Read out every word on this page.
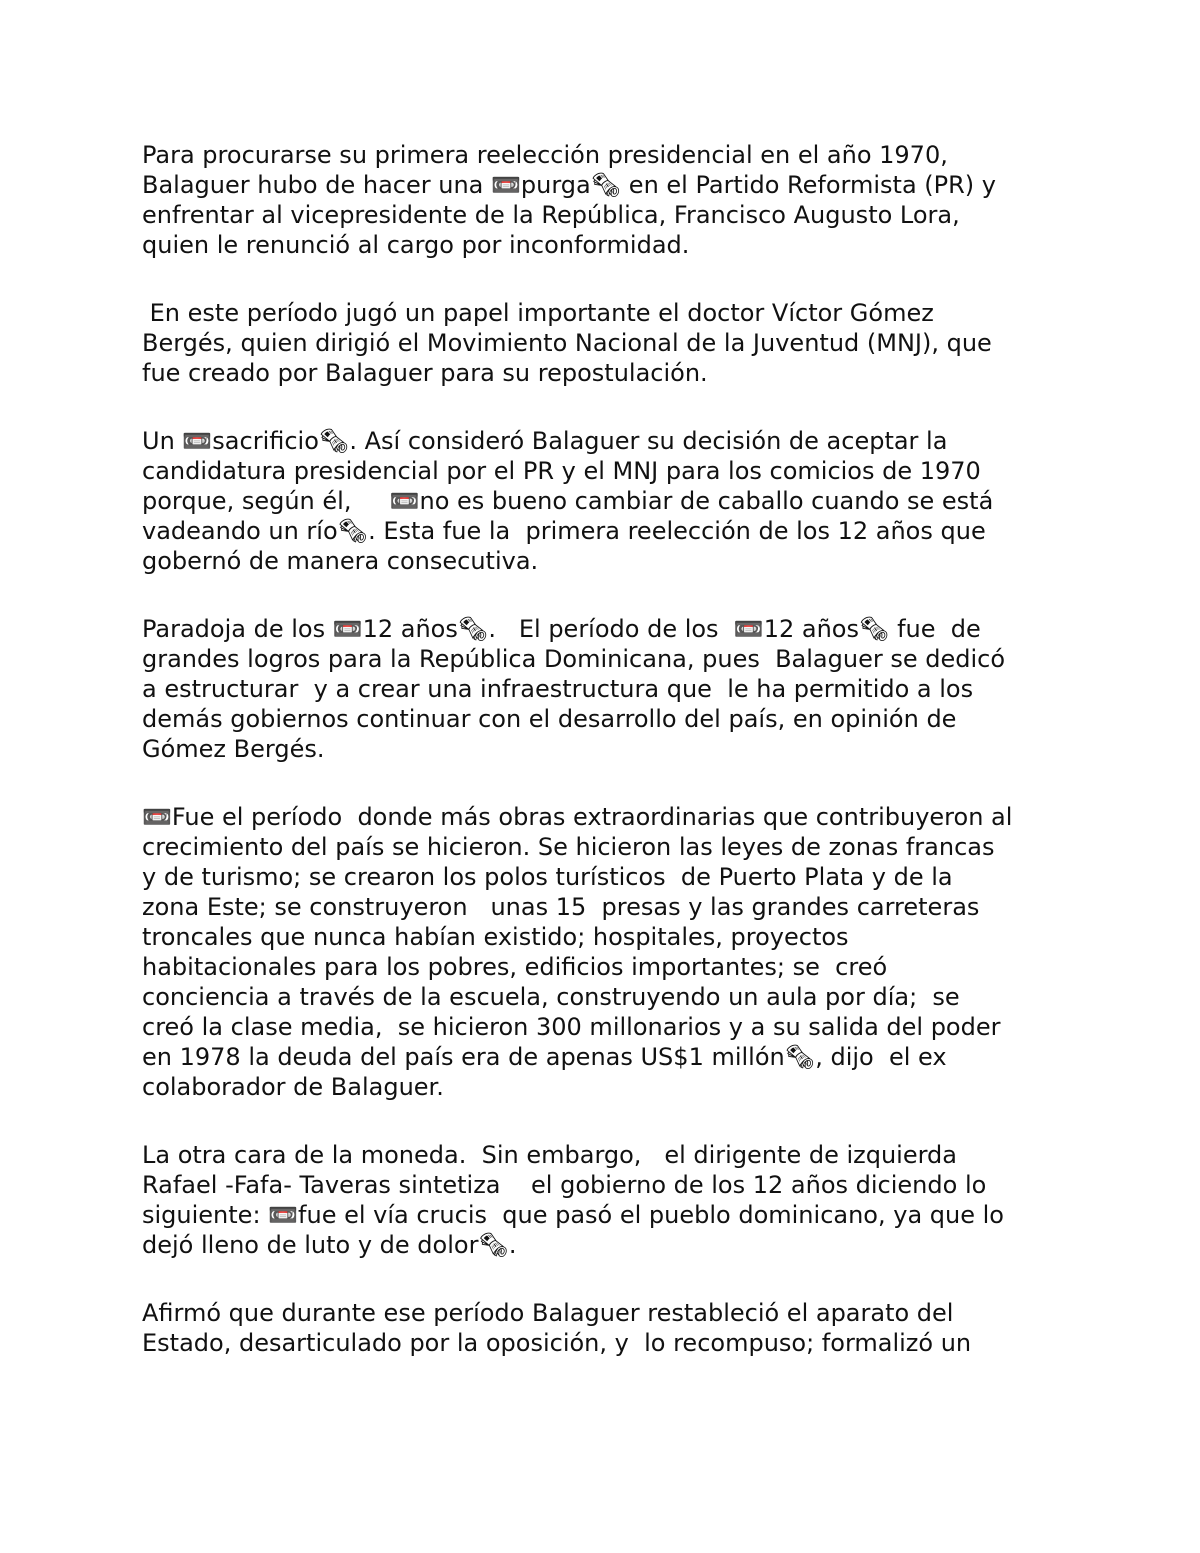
Para procurarse su primera reelección presidencial en el año 1970,
Balaguer hubo de hacer una 📼purga🗞 en el Partido Reformista (PR) y
enfrentar al vicepresidente de la República, Francisco Augusto Lora,
quien le renunció al cargo por inconformidad.

En este período jugó un papel importante el doctor Víctor Gómez
Bergés, quien dirigió el Movimiento Nacional de la Juventud (MNJ), que
fue creado por Balaguer para su repostulación.

Un 📼sacrificio🗞. Así consideró Balaguer su decisión de aceptar la
candidatura presidencial por el PR y el MNJ para los comicios de 1970
porque, según él,     📼no es bueno cambiar de caballo cuando se está
vadeando un río🗞. Esta fue la  primera reelección de los 12 años que
gobernó de manera consecutiva.

Paradoja de los 📼12 años🗞.   El período de los  📼12 años🗞 fue  de
grandes logros para la República Dominicana, pues  Balaguer se dedicó
a estructurar  y a crear una infraestructura que  le ha permitido a los
demás gobiernos continuar con el desarrollo del país, en opinión de
Gómez Bergés.

📼Fue el período  donde más obras extraordinarias que contribuyeron al
crecimiento del país se hicieron. Se hicieron las leyes de zonas francas
y de turismo; se crearon los polos turísticos  de Puerto Plata y de la
zona Este; se construyeron   unas 15  presas y las grandes carreteras
troncales que nunca habían existido; hospitales, proyectos
habitacionales para los pobres, edificios importantes; se  creó
conciencia a través de la escuela, construyendo un aula por día;  se
creó la clase media,  se hicieron 300 millonarios y a su salida del poder
en 1978 la deuda del país era de apenas US$1 millón🗞, dijo  el ex
colaborador de Balaguer.

La otra cara de la moneda.  Sin embargo,   el dirigente de izquierda
Rafael -Fafa- Taveras sintetiza    el gobierno de los 12 años diciendo lo
siguiente: 📼fue el vía crucis  que pasó el pueblo dominicano, ya que lo
dejó lleno de luto y de dolor🗞.

Afirmó que durante ese período Balaguer restableció el aparato del
Estado, desarticulado por la oposición, y  lo recompuso; formalizó un
